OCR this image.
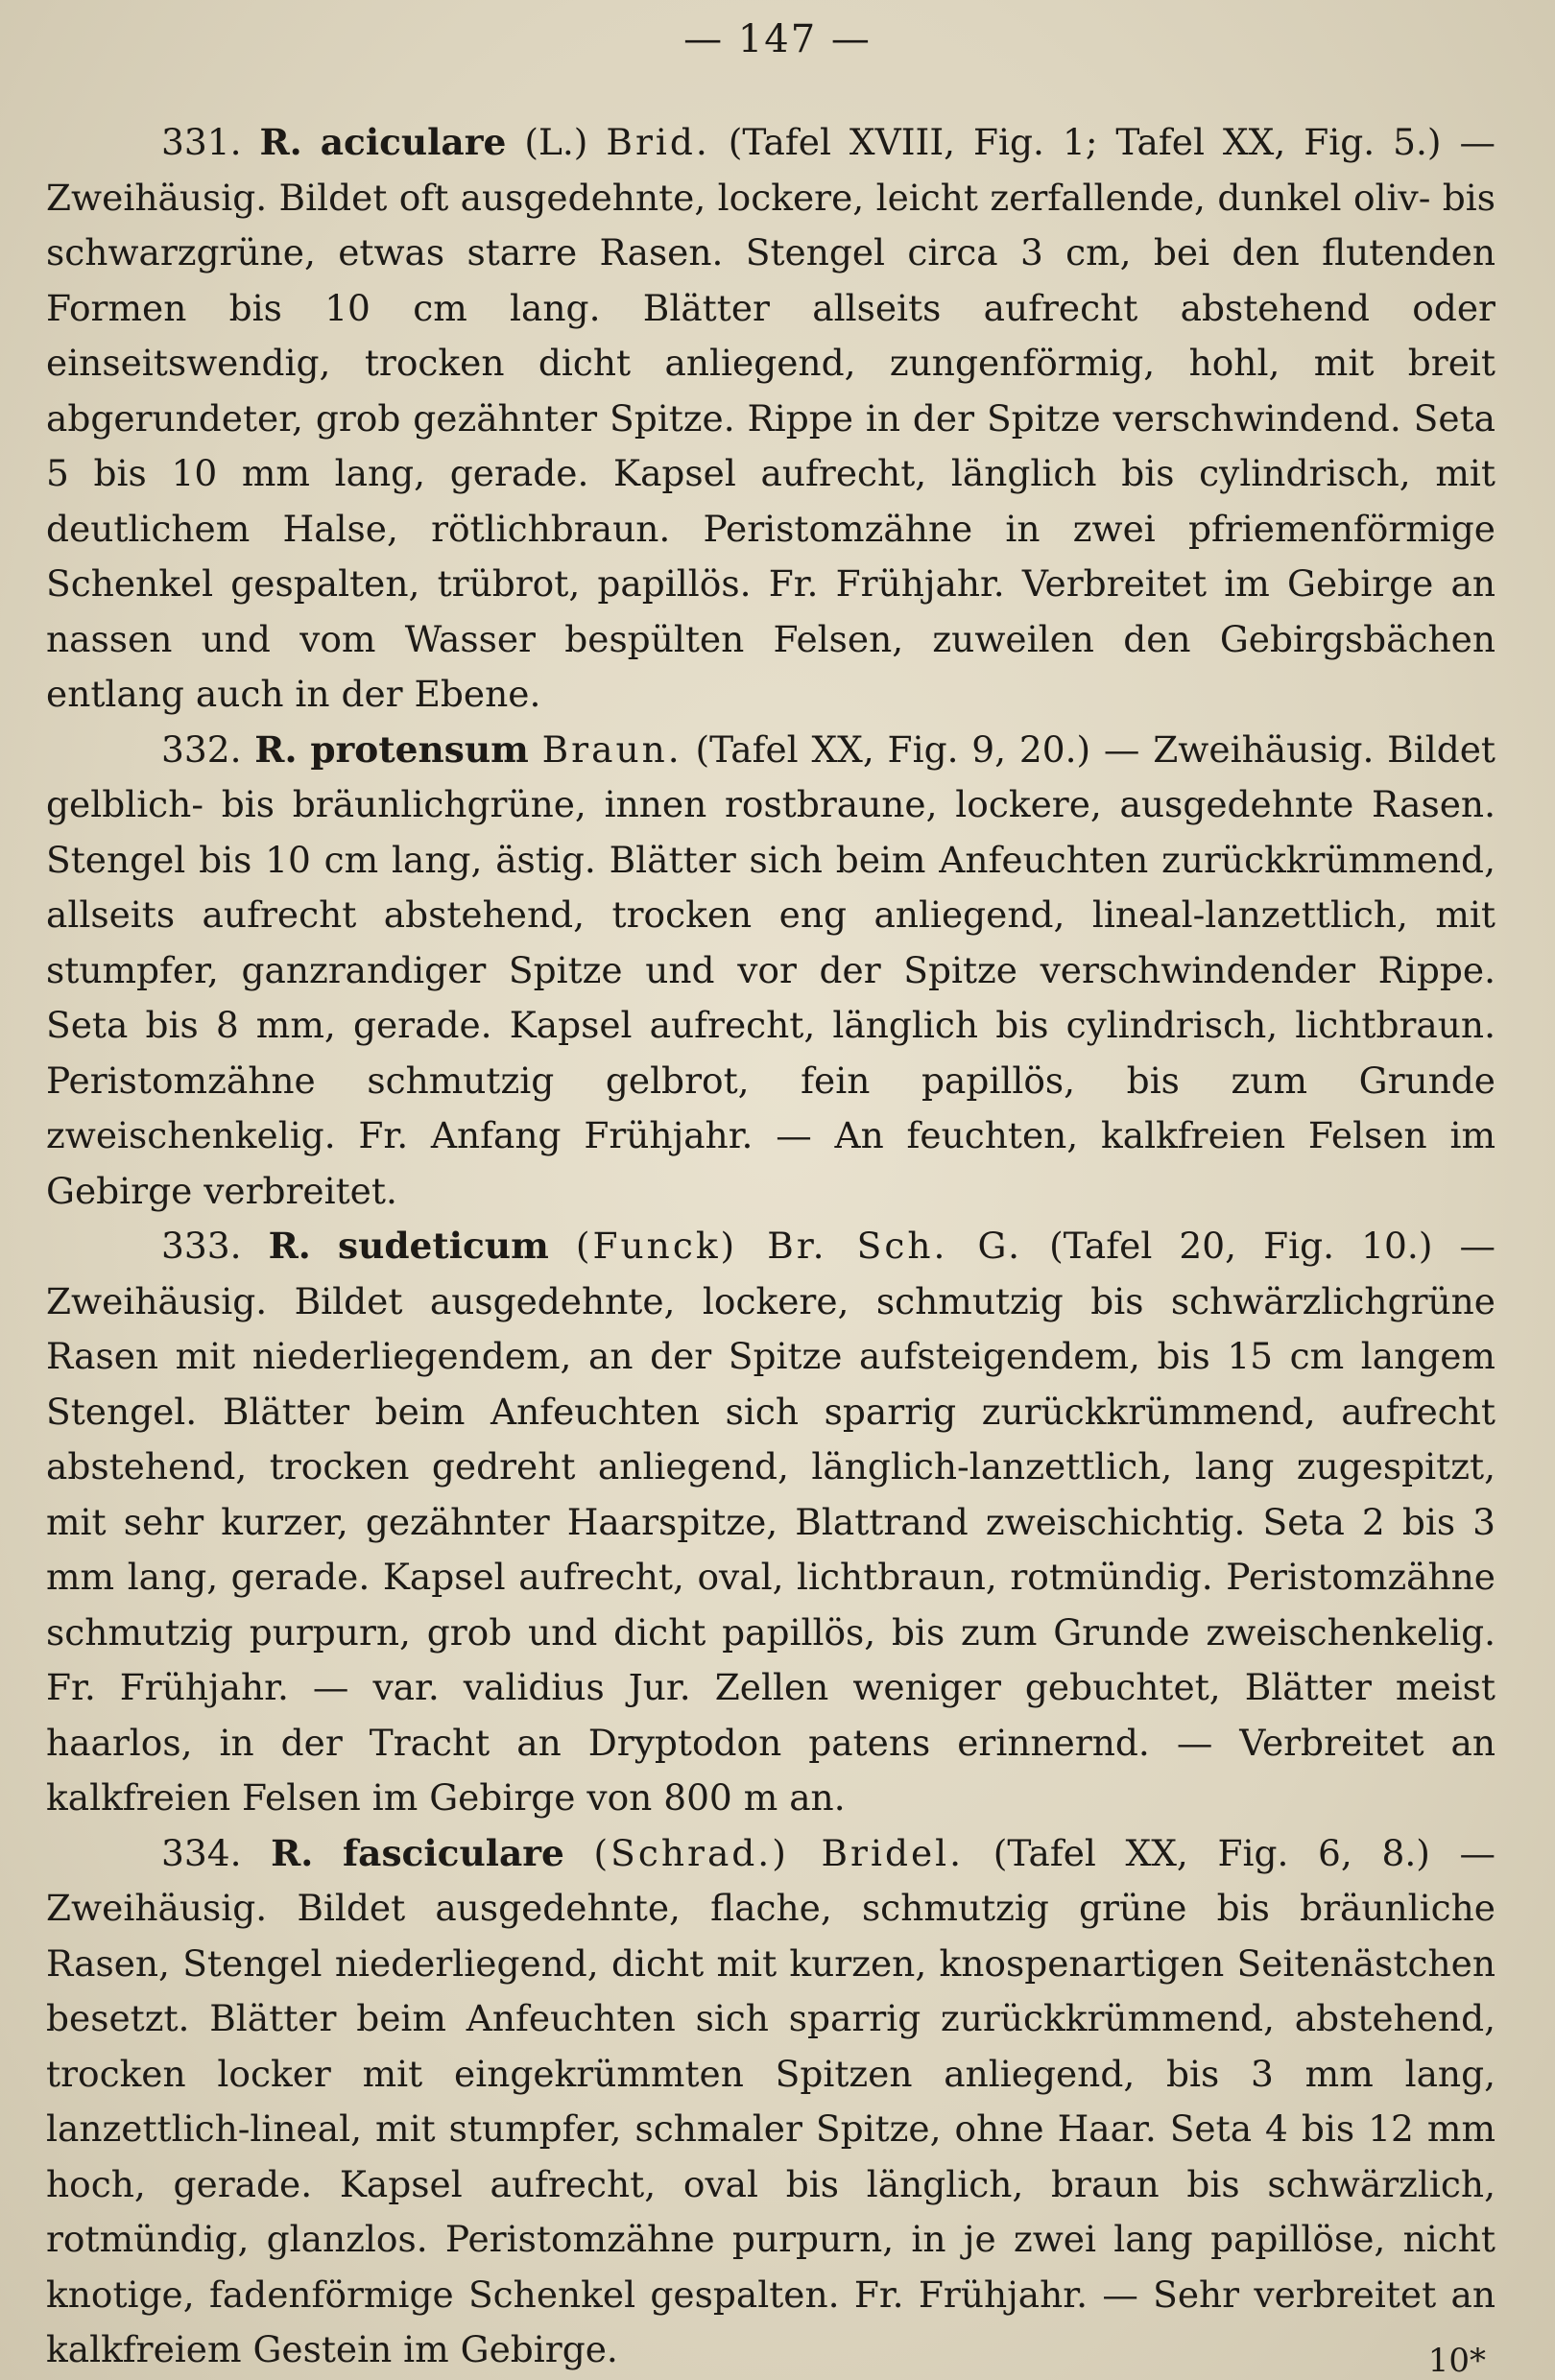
— 147 —

331. R. aciculare (L.) Brid. (Tafel XVIII, Fig. 1; Tafel XX, Fig. 5.) — Zweihäusig. Bildet oft ausgedehnte, lockere, leicht zerfallende, dunkel oliv- bis schwarzgrüne, etwas starre Rasen. Stengel circa 3 cm, bei den flutenden Formen bis 10 cm lang. Blätter allseits aufrecht abstehend oder einseitswendig, trocken dicht anliegend, zungenförmig, hohl, mit breit abgerundeter, grob gezähnter Spitze. Rippe in der Spitze verschwindend. Seta 5 bis 10 mm lang, gerade. Kapsel aufrecht, länglich bis cylindrisch, mit deutlichem Halse, rötlichbraun. Peristomzähne in zwei pfriemenförmige Schenkel gespalten, trübrot, papillös. Fr. Frühjahr. Verbreitet im Gebirge an nassen und vom Wasser bespülten Felsen, zuweilen den Gebirgsbächen entlang auch in der Ebene.

332. R. protensum Braun. (Tafel XX, Fig. 9, 20.) — Zweihäusig. Bildet gelblich- bis bräunlichgrüne, innen rostbraune, lockere, ausgedehnte Rasen. Stengel bis 10 cm lang, ästig. Blätter sich beim Anfeuchten zurückkrümmend, allseits aufrecht abstehend, trocken eng anliegend, lineal-lanzettlich, mit stumpfer, ganzrandiger Spitze und vor der Spitze verschwindender Rippe. Seta bis 8 mm, gerade. Kapsel aufrecht, länglich bis cylindrisch, lichtbraun. Peristomzähne schmutzig gelbrot, fein papillös, bis zum Grunde zweischenkelig. Fr. Anfang Frühjahr. — An feuchten, kalkfreien Felsen im Gebirge verbreitet.

333. R. sudeticum (Funck) Br. Sch. G. (Tafel 20, Fig. 10.) — Zweihäusig. Bildet ausgedehnte, lockere, schmutzig bis schwärzlichgrüne Rasen mit niederliegendem, an der Spitze aufsteigendem, bis 15 cm langem Stengel. Blätter beim Anfeuchten sich sparrig zurückkrümmend, aufrecht abstehend, trocken gedreht anliegend, länglich-lanzettlich, lang zugespitzt, mit sehr kurzer, gezähnter Haarspitze, Blattrand zweischichtig. Seta 2 bis 3 mm lang, gerade. Kapsel aufrecht, oval, lichtbraun, rotmündig. Peristomzähne schmutzig purpurn, grob und dicht papillös, bis zum Grunde zweischenkelig. Fr. Frühjahr. — var. validius Jur. Zellen weniger gebuchtet, Blätter meist haarlos, in der Tracht an Dryptodon patens erinnernd. — Verbreitet an kalkfreien Felsen im Gebirge von 800 m an.

334. R. fasciculare (Schrad.) Bridel. (Tafel XX, Fig. 6, 8.) — Zweihäusig. Bildet ausgedehnte, flache, schmutzig grüne bis bräunliche Rasen, Stengel niederliegend, dicht mit kurzen, knospenartigen Seitenästchen besetzt. Blätter beim Anfeuchten sich sparrig zurückkrümmend, abstehend, trocken locker mit eingekrümmten Spitzen anliegend, bis 3 mm lang, lanzettlich-lineal, mit stumpfer, schmaler Spitze, ohne Haar. Seta 4 bis 12 mm hoch, gerade. Kapsel aufrecht, oval bis länglich, braun bis schwärzlich, rotmündig, glanzlos. Peristomzähne purpurn, in je zwei lang papillöse, nicht knotige, fadenförmige Schenkel gespalten. Fr. Frühjahr. — Sehr verbreitet an kalkfreiem Gestein im Gebirge.	10*
